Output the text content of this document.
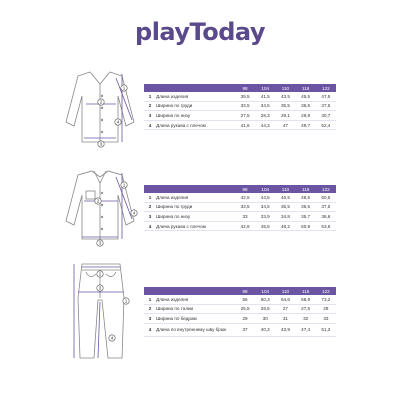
playToday
1
2
3
4
		98	104	110	116	122
1	Длина изделия	39,5	41,5	43,5	45,5	47,5
2	Ширина по груди	33,5	34,5	35,5	36,5	37,5
3	Ширина по низу	27,5	28,3	29,1	29,9	30,7
4	Длина рукава с плечом	41,6	44,3	47	49,7	52,4
1
2
3
4
		98	104	110	116	122
1	Длина изделия	42,5	44,5	46,5	48,5	50,5
2	Ширина по груди	33,5	34,5	35,5	36,5	37,5
3	Ширина по низу	33	33,9	34,8	35,7	36,6
4	Длина рукава с плечом	42,8	45,5	48,2	50,9	53,6
2
3
1
4
		98	104	110	116	122
1	Длина изделия	56	60,3	64,6	68,9	73,2
2	Ширина по талии	25,5	26,5	27	27,5	28
3	Ширина по бедрам	29	30	31	32	33
4	Длина по внутреннему шву брюк	37	40,3	43,9	47,4	51,3
